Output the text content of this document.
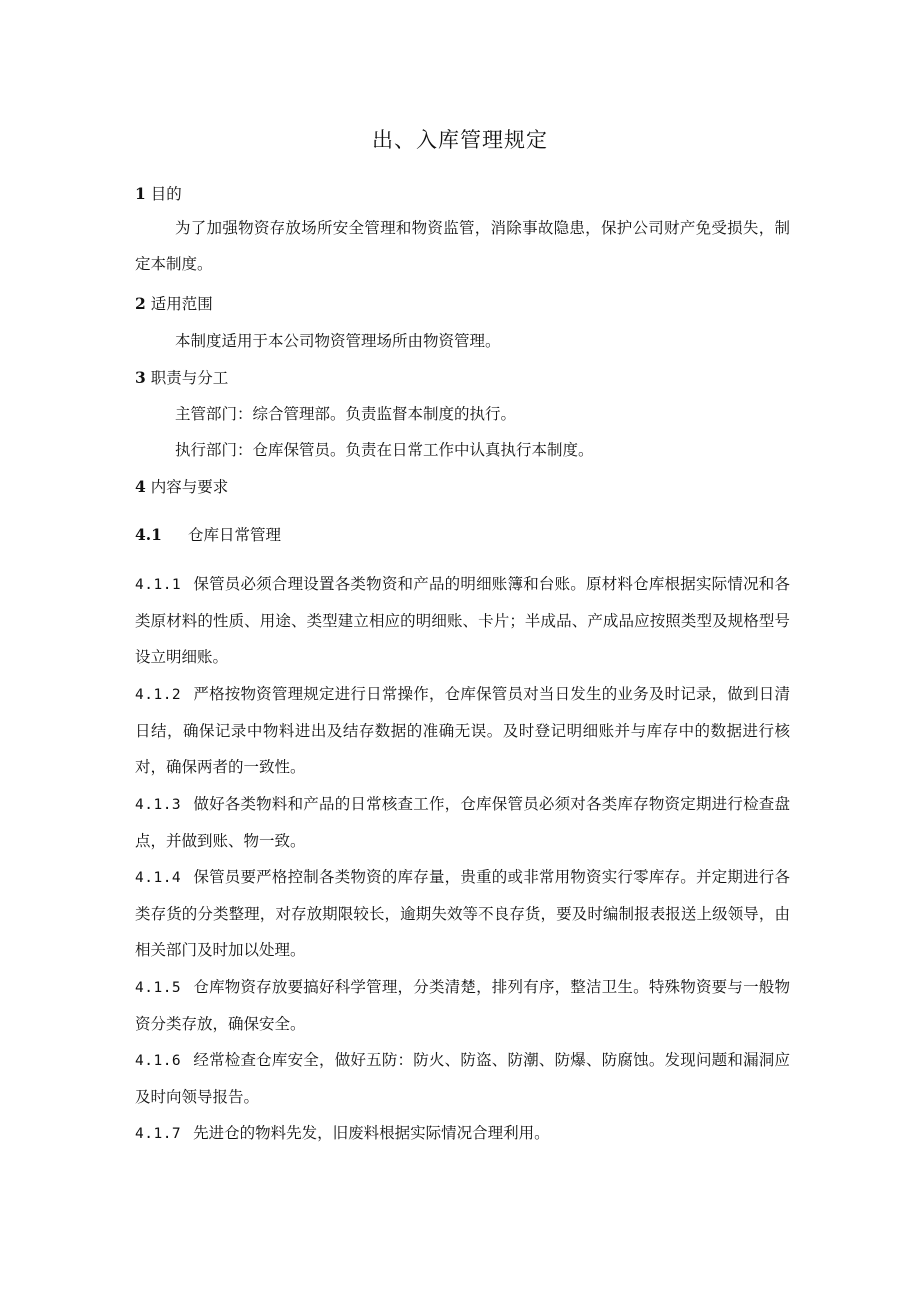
出、入库管理规定
1 目的
为了加强物资存放场所安全管理和物资监管，消除事故隐患，保护公司财产免受损失，制定本制度。
2 适用范围
本制度适用于本公司物资管理场所由物资管理。
3 职责与分工
主管部门：综合管理部。负责监督本制度的执行。
执行部门：仓库保管员。负责在日常工作中认真执行本制度。
4 内容与要求
4.1 仓库日常管理
4.1.1 保管员必须合理设置各类物资和产品的明细账簿和台账。原材料仓库根据实际情况和各类原材料的性质、用途、类型建立相应的明细账、卡片；半成品、产成品应按照类型及规格型号设立明细账。
4.1.2 严格按物资管理规定进行日常操作，仓库保管员对当日发生的业务及时记录，做到日清日结，确保记录中物料进出及结存数据的准确无误。及时登记明细账并与库存中的数据进行核对，确保两者的一致性。
4.1.3 做好各类物料和产品的日常核查工作，仓库保管员必须对各类库存物资定期进行检查盘点，并做到账、物一致。
4.1.4 保管员要严格控制各类物资的库存量，贵重的或非常用物资实行零库存。并定期进行各类存货的分类整理，对存放期限较长，逾期失效等不良存货，要及时编制报表报送上级领导，由相关部门及时加以处理。
4.1.5 仓库物资存放要搞好科学管理，分类清楚，排列有序，整洁卫生。特殊物资要与一般物资分类存放，确保安全。
4.1.6 经常检查仓库安全，做好五防：防火、防盗、防潮、防爆、防腐蚀。发现问题和漏洞应及时向领导报告。
4.1.7 先进仓的物料先发，旧废料根据实际情况合理利用。
